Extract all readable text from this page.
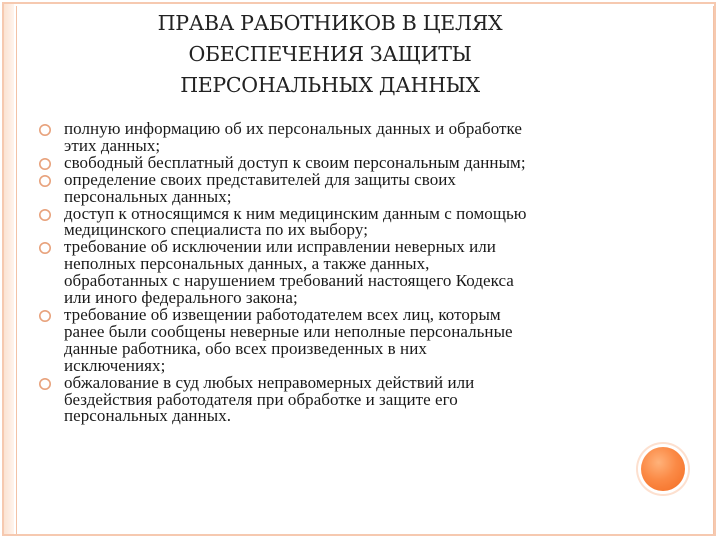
ПРАВА РАБОТНИКОВ В ЦЕЛЯХ
ОБЕСПЕЧЕНИЯ ЗАЩИТЫ
ПЕРСОНАЛЬНЫХ ДАННЫХ
полную информацию об их персональных данных и обработке
этих данных;
свободный бесплатный доступ к своим персональным данным;
определение своих представителей для защиты своих
персональных данных;
доступ к относящимся к ним медицинским данным с помощью
медицинского специалиста по их выбору;
требование об исключении или исправлении неверных или
неполных персональных данных, а также данных,
обработанных с нарушением требований настоящего Кодекса
или иного федерального закона;
требование об извещении работодателем всех лиц, которым
ранее были сообщены неверные или неполные персональные
данные работника, обо всех произведенных в них
исключениях;
обжалование в суд любых неправомерных действий или
бездействия работодателя при обработке и защите его
персональных данных.
